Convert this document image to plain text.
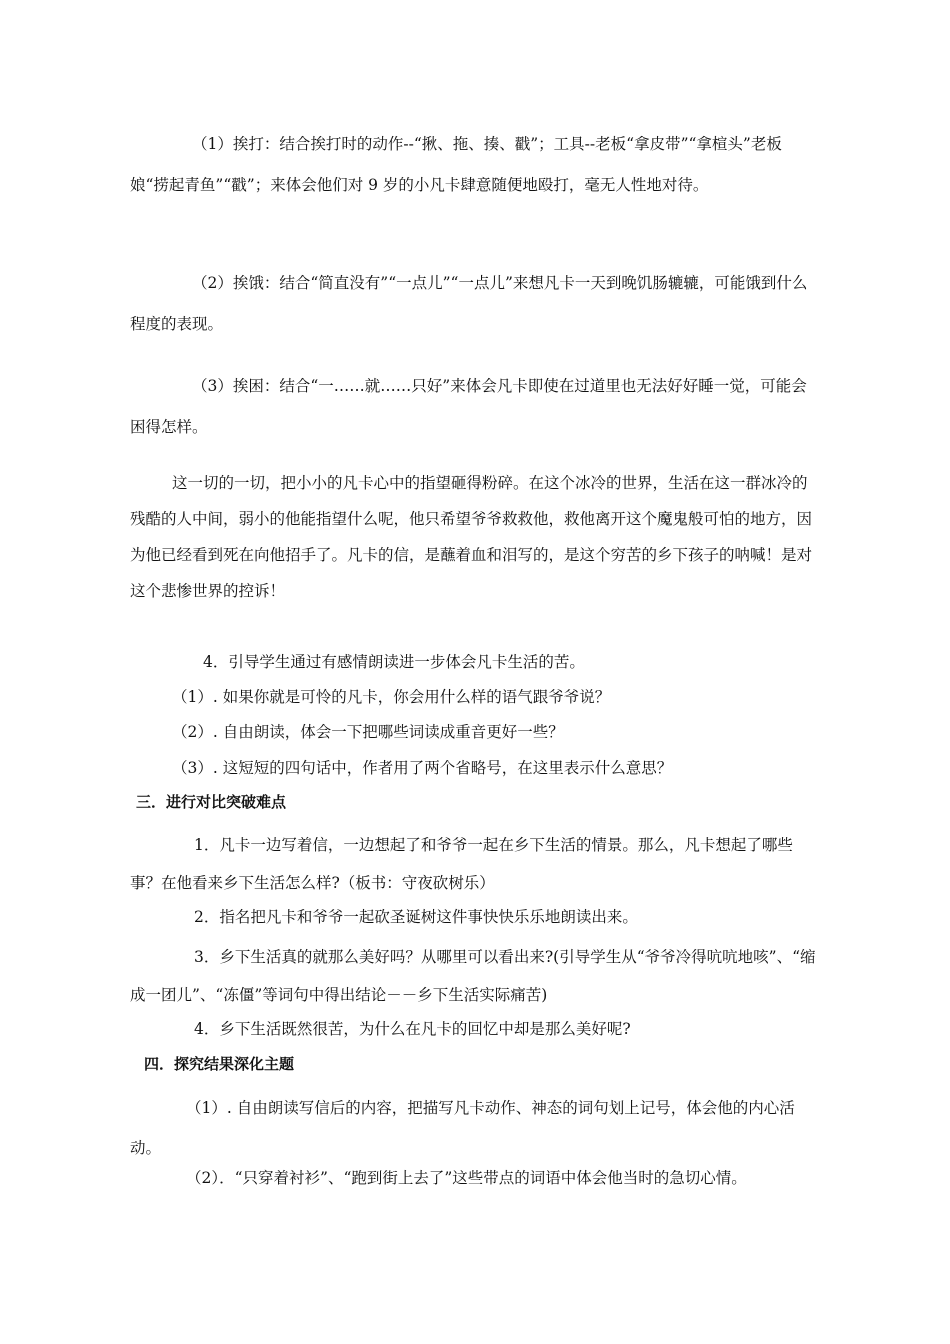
（1）挨打：结合挨打时的动作--“揪、拖、揍、戳”；工具--老板“拿皮带”“拿楦头”老板娘“捞起青鱼”“戳”；来体会他们对 9 岁的小凡卡肆意随便地殴打，毫无人性地对待。

（2）挨饿：结合“简直没有”“一点儿”“一点儿”来想凡卡一天到晚饥肠辘辘，可能饿到什么程度的表现。

（3）挨困：结合“一……就……只好”来体会凡卡即使在过道里也无法好好睡一觉，可能会困得怎样。

这一切的一切，把小小的凡卡心中的指望砸得粉碎。在这个冰冷的世界，生活在这一群冰冷的残酷的人中间，弱小的他能指望什么呢，他只希望爷爷救救他，救他离开这个魔鬼般可怕的地方，因为他已经看到死在向他招手了。凡卡的信，是蘸着血和泪写的，是这个穷苦的乡下孩子的呐喊！是对这个悲惨世界的控诉！

4．引导学生通过有感情朗读进一步体会凡卡生活的苦。

（1）. 如果你就是可怜的凡卡，你会用什么样的语气跟爷爷说？

（2）. 自由朗读，体会一下把哪些词读成重音更好一些？

（3）. 这短短的四句话中，作者用了两个省略号，在这里表示什么意思？

三．进行对比突破难点

1．凡卡一边写着信，一边想起了和爷爷一起在乡下生活的情景。那么，凡卡想起了哪些事？在他看来乡下生活怎么样?（板书：守夜砍树乐）

2．指名把凡卡和爷爷一起砍圣诞树这件事快快乐乐地朗读出来。

3．乡下生活真的就那么美好吗？从哪里可以看出来?(引导学生从“爷爷冷得吭吭地咳”、“缩成一团儿”、“冻僵”等词句中得出结论－－乡下生活实际痛苦)

4．乡下生活既然很苦，为什么在凡卡的回忆中却是那么美好呢?

四．探究结果深化主题

（1）. 自由朗读写信后的内容，把描写凡卡动作、神态的词句划上记号，体会他的内心活动。

（2）．“只穿着衬衫”、“跑到街上去了”这些带点的词语中体会他当时的急切心情。
